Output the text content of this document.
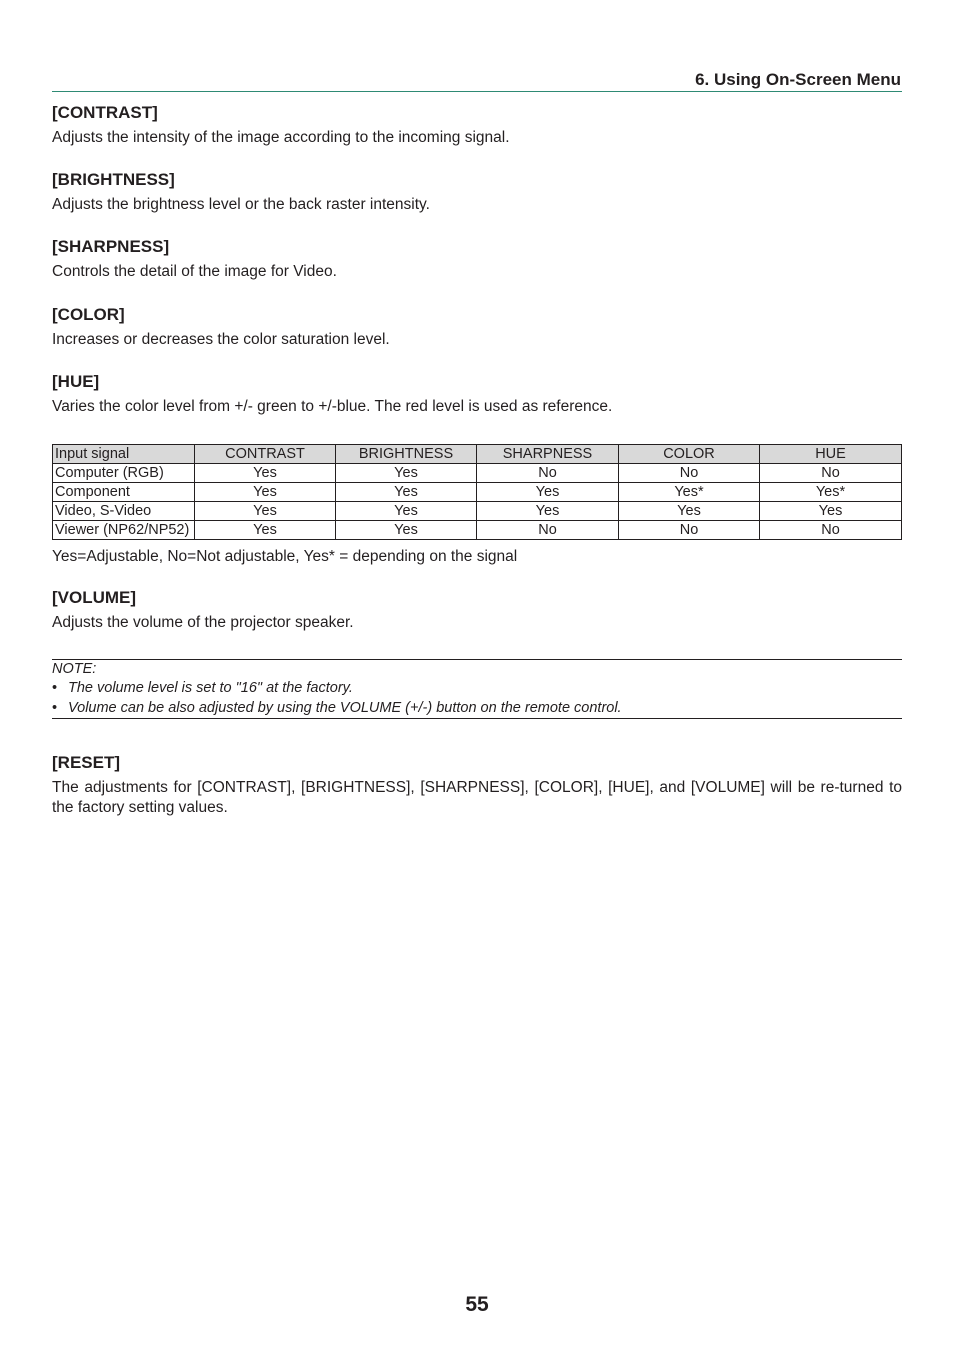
6. Using On-Screen Menu
[CONTRAST]
Adjusts the intensity of the image according to the incoming signal.
[BRIGHTNESS]
Adjusts the brightness level or the back raster intensity.
[SHARPNESS]
Controls the detail of the image for Video.
[COLOR]
Increases or decreases the color saturation level.
[HUE]
Varies the color level from +/- green to +/-blue. The red level is used as reference.
Input signal	CONTRAST	BRIGHTNESS	SHARPNESS	COLOR	HUE
Computer (RGB)	Yes	Yes	No	No	No
Component	Yes	Yes	Yes	Yes*	Yes*
Video, S-Video	Yes	Yes	Yes	Yes	Yes
Viewer (NP62/NP52)	Yes	Yes	No	No	No
Yes=Adjustable, No=Not adjustable, Yes* = depending on the signal
[VOLUME]
Adjusts the volume of the projector speaker.
NOTE:
• The volume level is set to "16" at the factory.
• Volume can be also adjusted by using the VOLUME (+/-) button on the remote control.
[RESET]
The adjustments for [CONTRAST], [BRIGHTNESS], [SHARPNESS], [COLOR], [HUE], and [VOLUME] will be re-turned to the factory setting values.
55
